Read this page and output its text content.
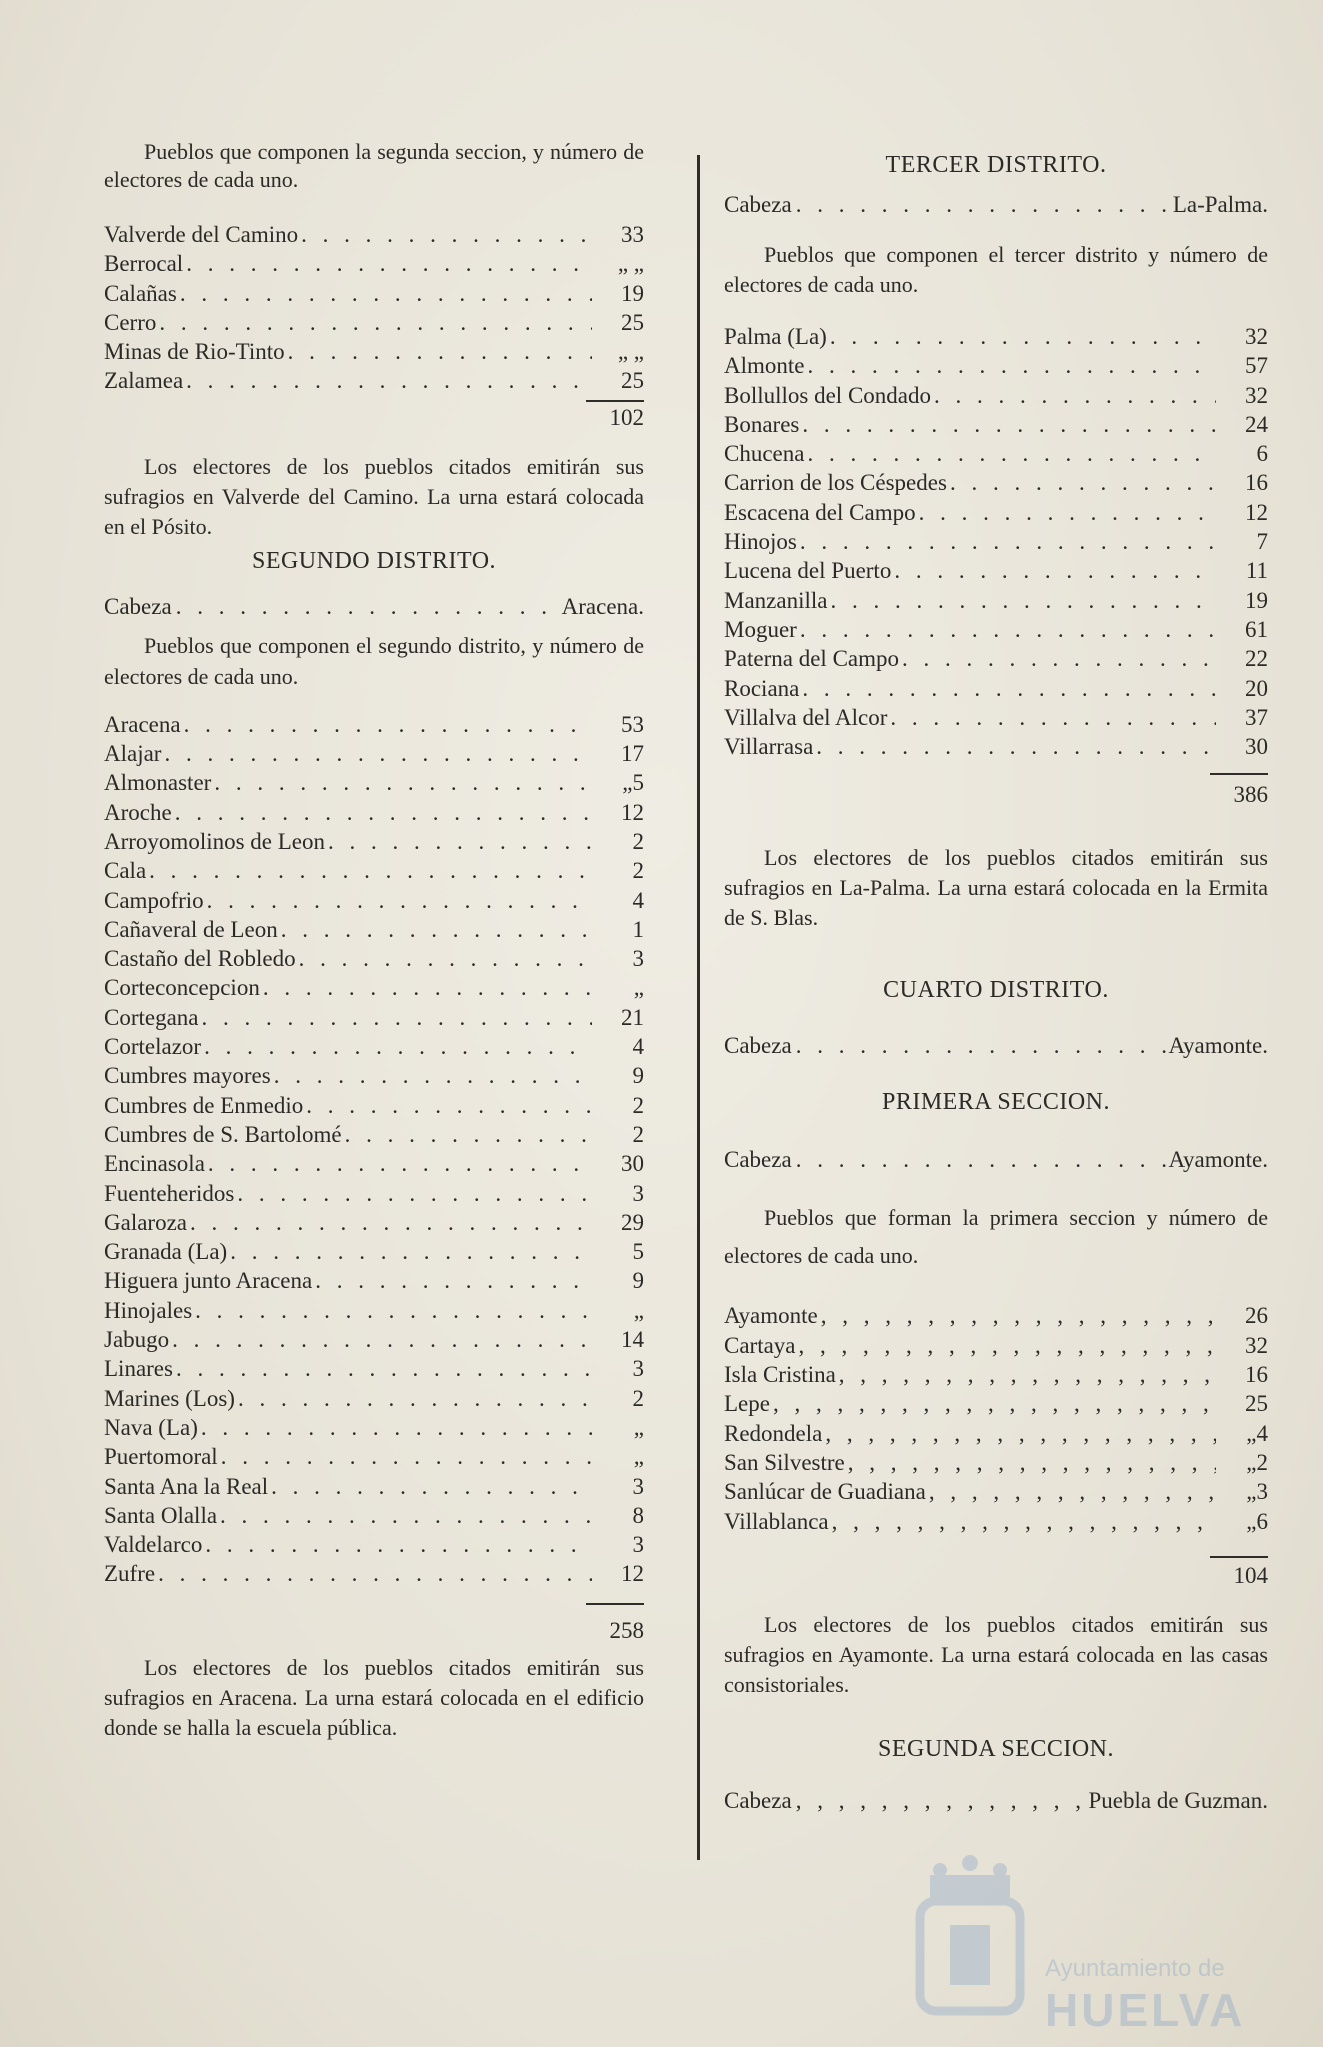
Pueblos que componen la segunda seccion, y número de electores de cada uno.

Valverde del Camino . . .	33
Berrocal . . .	„ „
Calañas . . .	19
Cerro . . .	25
Minas de Rio-Tinto . . .	„ „
Zalamea . . .	25
102

Los electores de los pueblos citados emitirán sus sufragios en Valverde del Camino. La urna estará colocada en el Pósito.

SEGUNDO DISTRITO.

Cabeza . . .	Aracena.

Pueblos que componen el segundo distrito, y número de electores de cada uno.

Aracena . . .	53
Alajar . . .	17
Almonaster . . .	„5
Aroche . . .	12
Arroyomolinos de Leon . . .	2
Cala . . .	2
Campofrio . . .	4
Cañaveral de Leon . . .	1
Castaño del Robledo . . .	3
Corteconcepcion . . .	„
Cortegana . . .	21
Cortelazor . . .	4
Cumbres mayores . . .	9
Cumbres de Enmedio . . .	2
Cumbres de S. Bartolomé . . .	2
Encinasola . . .	30
Fuenteheridos . . .	3
Galaroza . . .	29
Granada (La) . . .	5
Higuera junto Aracena . . .	9
Hinojales . . .	„
Jabugo . . .	14
Linares . . .	3
Marines (Los) . . .	2
Nava (La) . . .	„
Puertomoral . . .	„
Santa Ana la Real . . .	3
Santa Olalla . . .	8
Valdelarco . . .	3
Zufre . . .	12
258

Los electores de los pueblos citados emitirán sus sufragios en Aracena. La urna estará colocada en el edificio donde se halla la escuela pública.

TERCER DISTRITO.

Cabeza . . .	La-Palma.

Pueblos que componen el tercer distrito y número de electores de cada uno.

Palma (La) . . .	32
Almonte . . .	57
Bollullos del Condado . . .	32
Bonares . . .	24
Chucena . . .	6
Carrion de los Céspedes . . .	16
Escacena del Campo . . .	12
Hinojos . . .	7
Lucena del Puerto . . .	11
Manzanilla . . .	19
Moguer . . .	61
Paterna del Campo . . .	22
Rociana . . .	20
Villalva del Alcor . . .	37
Villarrasa . . .	30
386

Los electores de los pueblos citados emitirán sus sufragios en La-Palma. La urna estará colocada en la Ermita de S. Blas.

CUARTO DISTRITO.

Cabeza . . .	Ayamonte.

PRIMERA SECCION.

Cabeza . . .	Ayamonte.

Pueblos que forman la primera seccion y número de electores de cada uno.

Ayamonte , , , , , , , , , , , , , , , , , , , , , , , , , , , , , , , ,	26
Cartaya , , , , , , , , , , , , , , , , , , , , , , , , , , , , , , , ,	32
Isla Cristina , , , , , , , , , , , , , , , , , , , , , , , , , , , , , , , ,	16
Lepe , , , , , , , , , , , , , , , , , , , , , , , , , , , , , , , ,	25
Redondela , , , , , , , , , , , , , , , , , , , , , , , , , , , , , , , ,	„4
San Silvestre , , , , , , , , , , , , , , , , , , , , , , , , , , , , , , , ,	„2
Sanlúcar de Guadiana , , , , , , , , , , , , , , , , , , , , , , , , , , , , , , , ,	„3
Villablanca , , , , , , , , , , , , , , , , , , , , , , , , , , , , , , , ,	„6
104

Los electores de los pueblos citados emitirán sus sufragios en Ayamonte. La urna estará colocada en las casas consistoriales.

SEGUNDA SECCION.

Cabeza , , , , , , , , , , , , , , , , , , , , , , , , , , , , , , ,	Puebla de Guzman.
Ayuntamiento de
HUELVA
